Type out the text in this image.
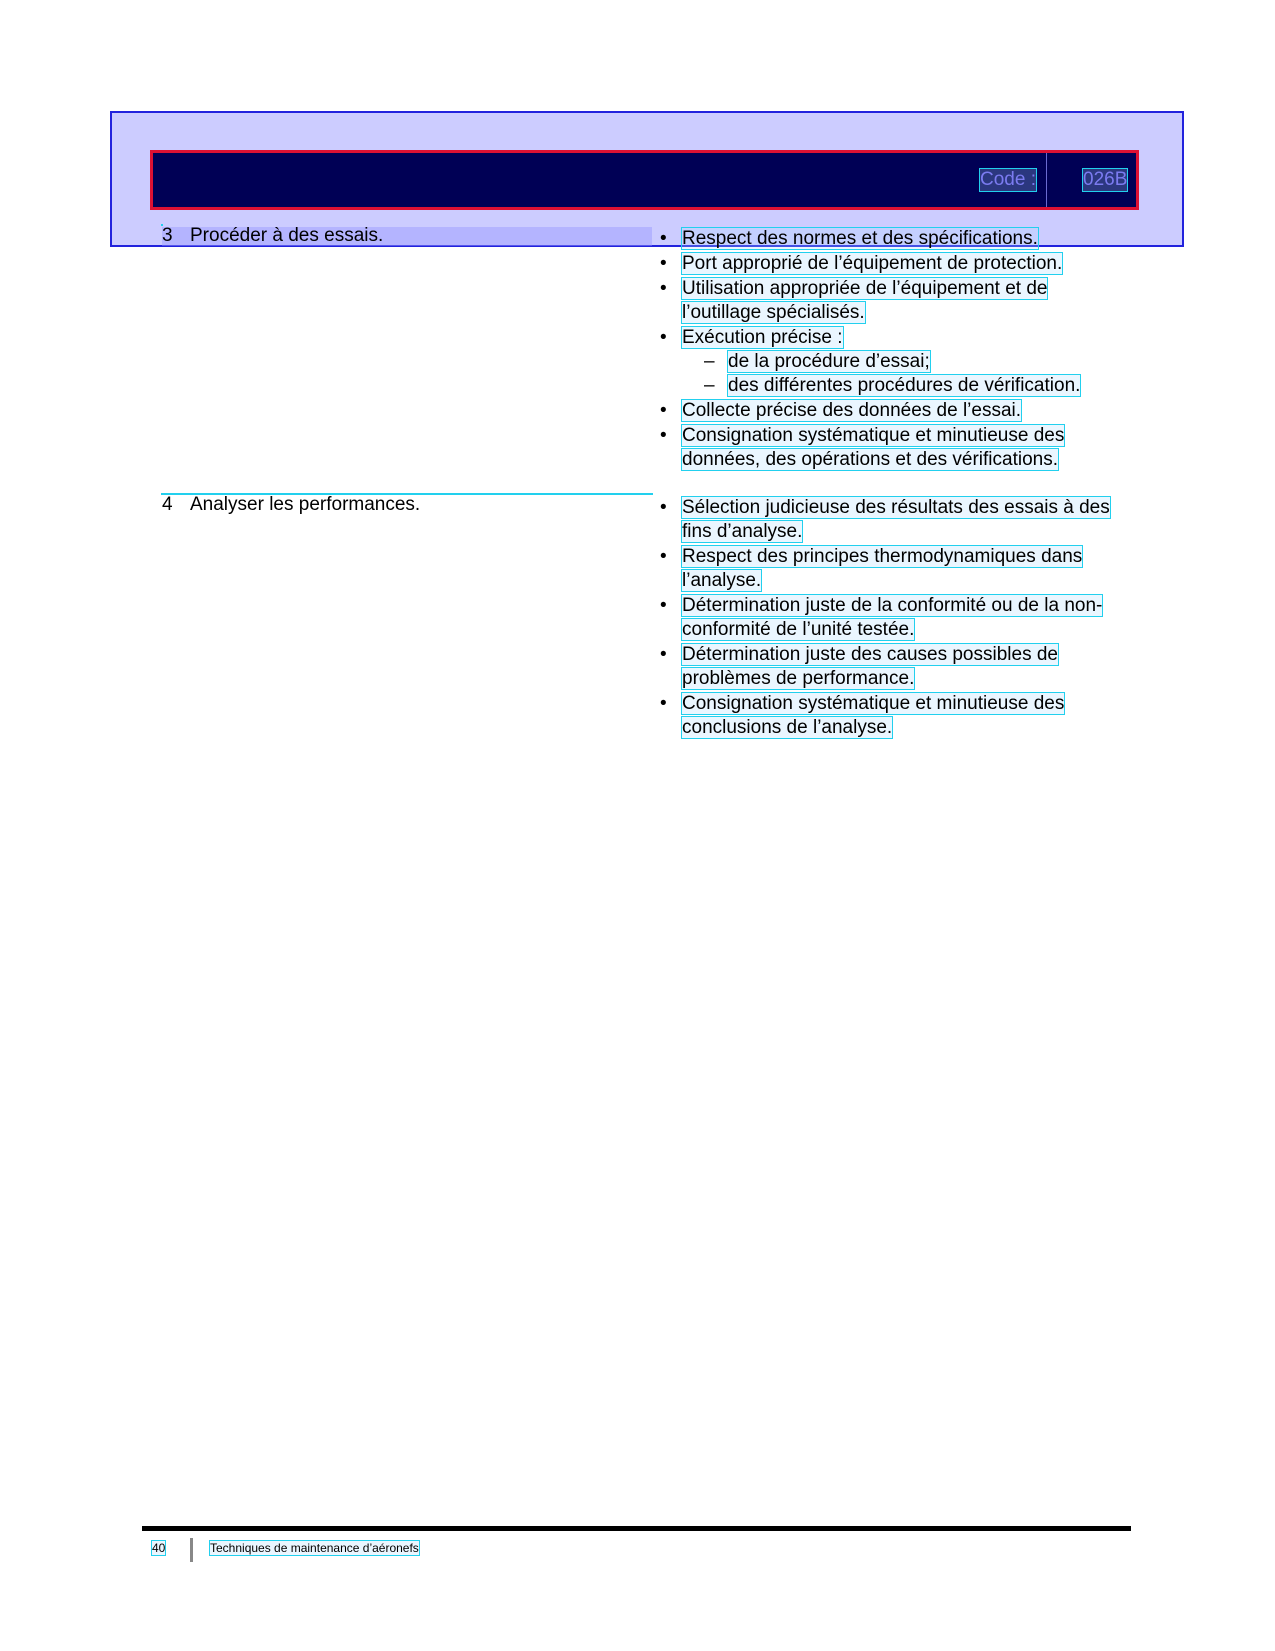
Code : 026B
3 Procéder à des essais.	• Respect des normes et des spécifications.
• Port approprié de l’équipement de protection.
• Utilisation appropriée de l’équipement et de l’outillage spécialisés.
• Exécution précise :
– de la procédure d’essai;
– des différentes procédures de vérification.
• Collecte précise des données de l’essai.
• Consignation systématique et minutieuse des données, des opérations et des vérifications.
4 Analyser les performances.	• Sélection judicieuse des résultats des essais à des fins d’analyse.
• Respect des principes thermodynamiques dans l’analyse.
• Détermination juste de la conformité ou de la non-conformité de l’unité testée.
• Détermination juste des causes possibles de problèmes de performance.
• Consignation systématique et minutieuse des conclusions de l’analyse.
40	Techniques de maintenance d’aéronefs
